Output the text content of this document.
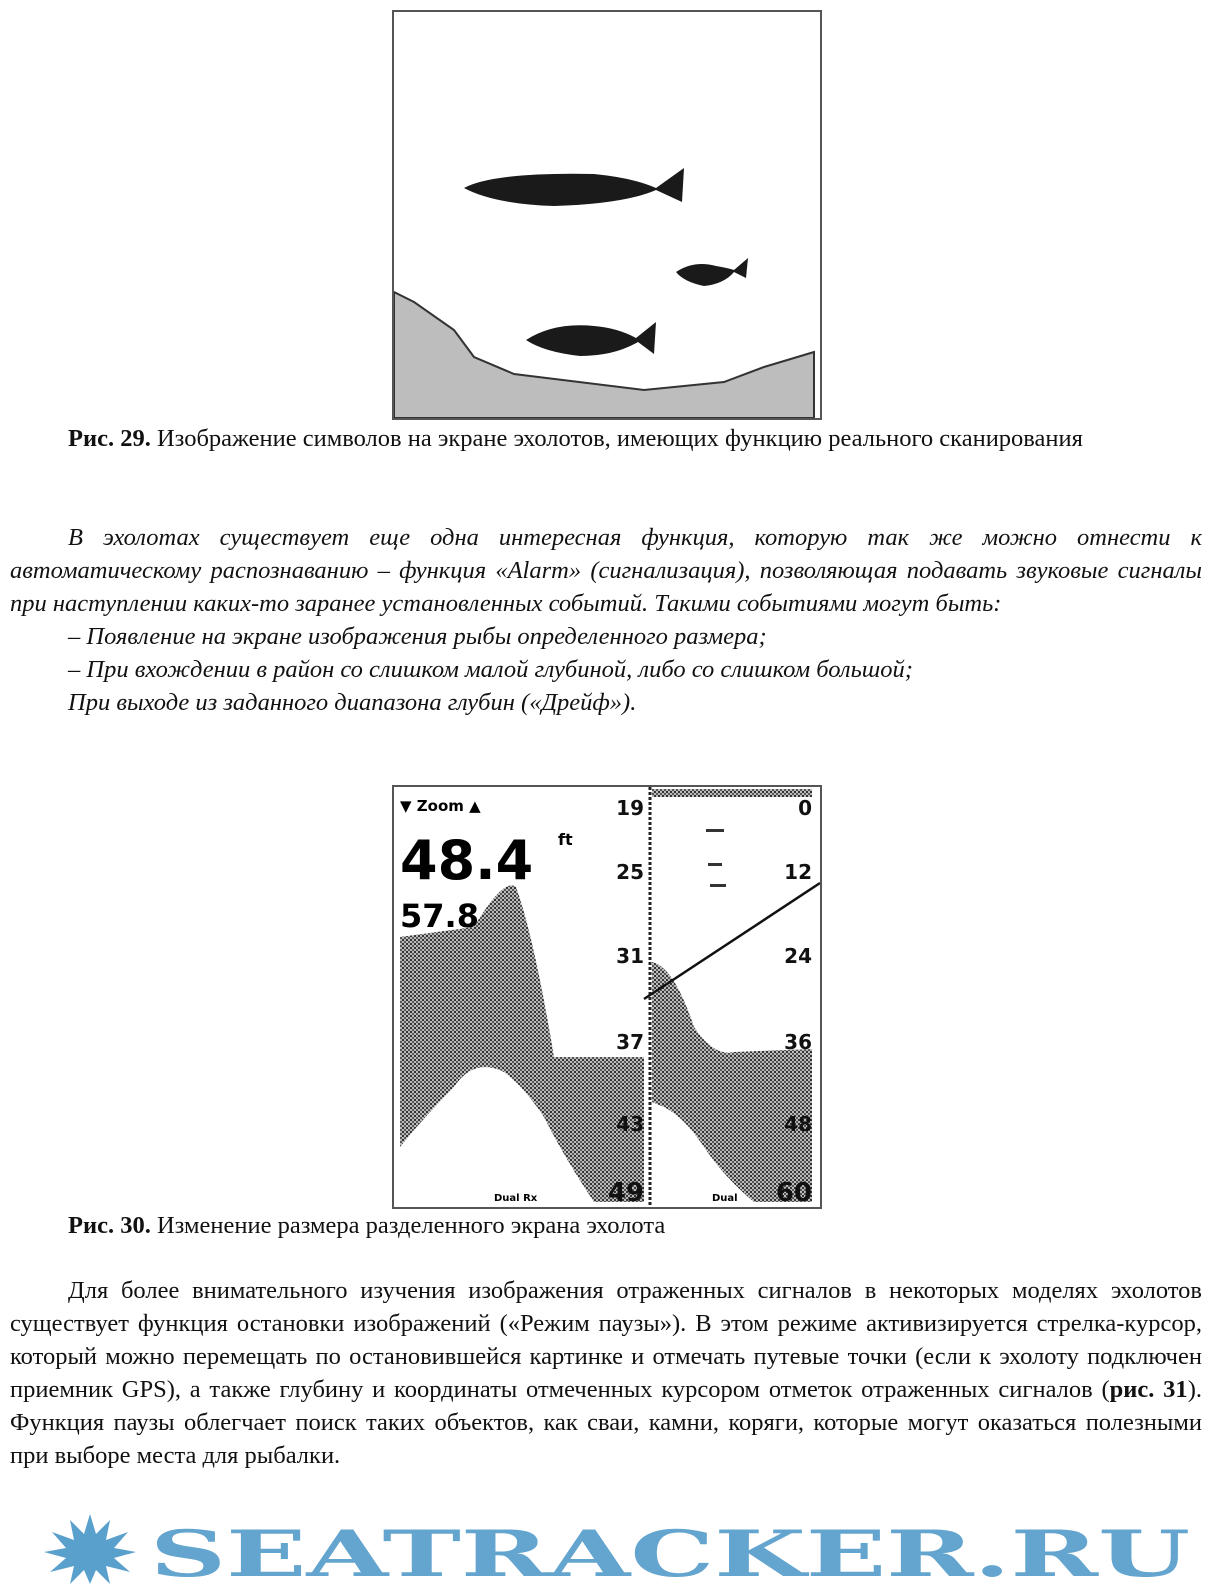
Рис. 29. Изображение символов на экране эхолотов, имеющих функцию реального сканирования

В эхолотах существует еще одна интересная функция, которую так же можно отнести к автоматическому распознаванию – функция «Alarm» (сигнализация), позволяющая подавать звуковые сигналы при наступлении каких-то заранее установленных событий. Такими событиями могут быть:

– Появление на экране изображения рыбы определенного размера;

– При вхождении в район со слишком малой глубиной, либо со слишком большой;

При выходе из заданного диапазона глубин («Дрейф»).

▼ Zoom ▲
48.4 ft
57.8
19
25
31
37
43
49
0
12
24
36
48
60
Dual Rx	Dual
Рис. 30. Изменение размера разделенного экрана эхолота
Для более внимательного изучения изображения отраженных сигналов в некоторых моделях эхолотов существует функция остановки изображений («Режим паузы»). В этом режиме активизируется стрелка-курсор, который можно перемещать по остановившейся картинке и отмечать путевые точки (если к эхолоту подключен приемник GPS), а также глубину и координаты отмеченных курсором отметок отраженных сигналов (рис. 31). Функция паузы облегчает поиск таких объектов, как сваи, камни, коряги, которые могут оказаться полезными при выборе места для рыбалки.
SEATRACKER.RU
